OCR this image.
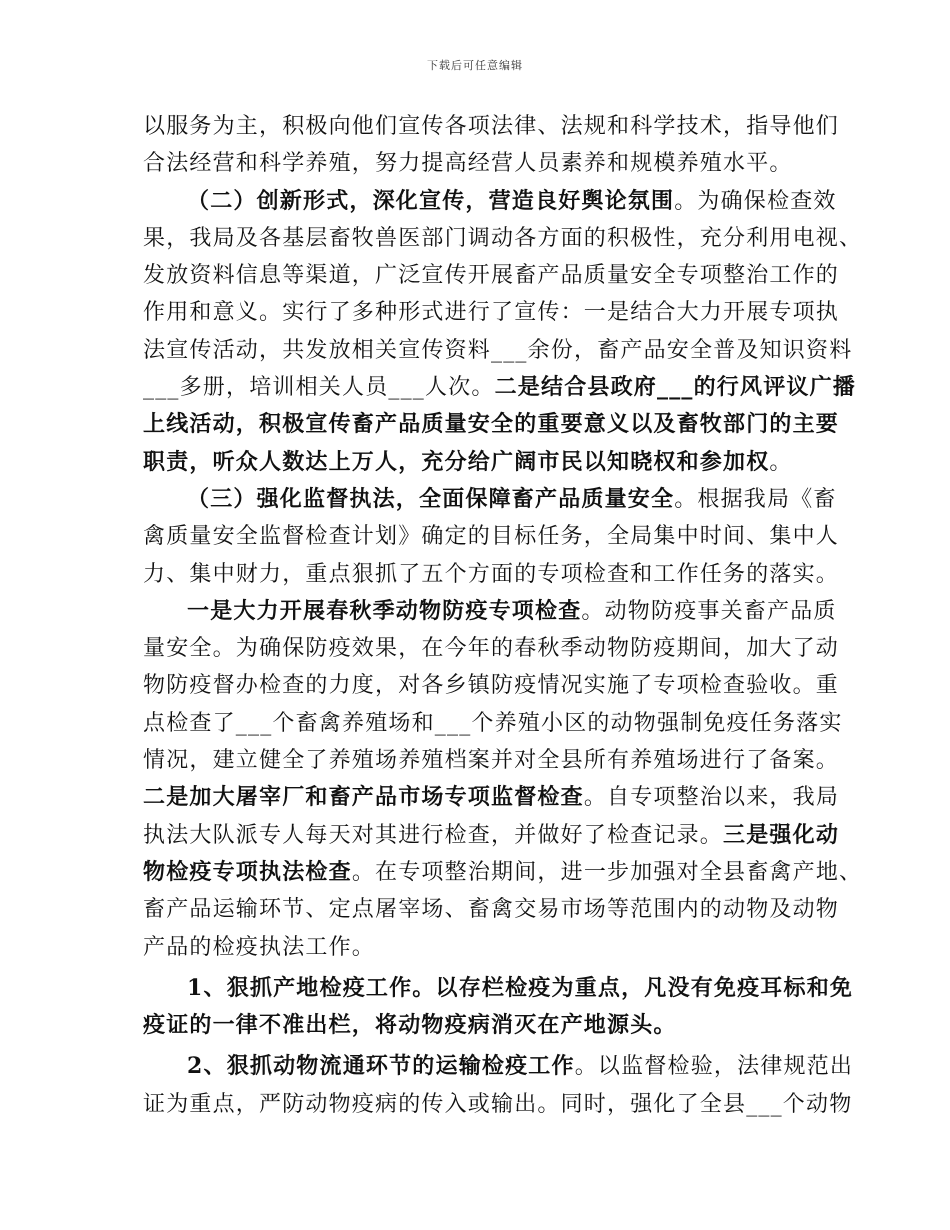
下载后可任意编辑
以服务为主，积极向他们宣传各项法律、法规和科学技术，指导他们
合法经营和科学养殖，努力提高经营人员素养和规模养殖水平。
（二）创新形式，深化宣传，营造良好舆论氛围。为确保检查效
果，我局及各基层畜牧兽医部门调动各方面的积极性，充分利用电视、
发放资料信息等渠道，广泛宣传开展畜产品质量安全专项整治工作的
作用和意义。实行了多种形式进行了宣传：一是结合大力开展专项执
法宣传活动，共发放相关宣传资料___余份，畜产品安全普及知识资料
___多册，培训相关人员___人次。二是结合县政府___的行风评议广播
上线活动，积极宣传畜产品质量安全的重要意义以及畜牧部门的主要
职责，听众人数达上万人，充分给广阔市民以知晓权和参加权。
（三）强化监督执法，全面保障畜产品质量安全。根据我局《畜
禽质量安全监督检查计划》确定的目标任务，全局集中时间、集中人
力、集中财力，重点狠抓了五个方面的专项检查和工作任务的落实。
一是大力开展春秋季动物防疫专项检查。动物防疫事关畜产品质
量安全。为确保防疫效果，在今年的春秋季动物防疫期间，加大了动
物防疫督办检查的力度，对各乡镇防疫情况实施了专项检查验收。重
点检查了___个畜禽养殖场和___个养殖小区的动物强制免疫任务落实
情况，建立健全了养殖场养殖档案并对全县所有养殖场进行了备案。
二是加大屠宰厂和畜产品市场专项监督检查。自专项整治以来，我局
执法大队派专人每天对其进行检查，并做好了检查记录。三是强化动
物检疫专项执法检查。在专项整治期间，进一步加强对全县畜禽产地、
畜产品运输环节、定点屠宰场、畜禽交易市场等范围内的动物及动物
产品的检疫执法工作。
1、狠抓产地检疫工作。以存栏检疫为重点，凡没有免疫耳标和免
疫证的一律不准出栏，将动物疫病消灭在产地源头。
2、狠抓动物流通环节的运输检疫工作。以监督检验，法律规范出
证为重点，严防动物疫病的传入或输出。同时，强化了全县___个动物
